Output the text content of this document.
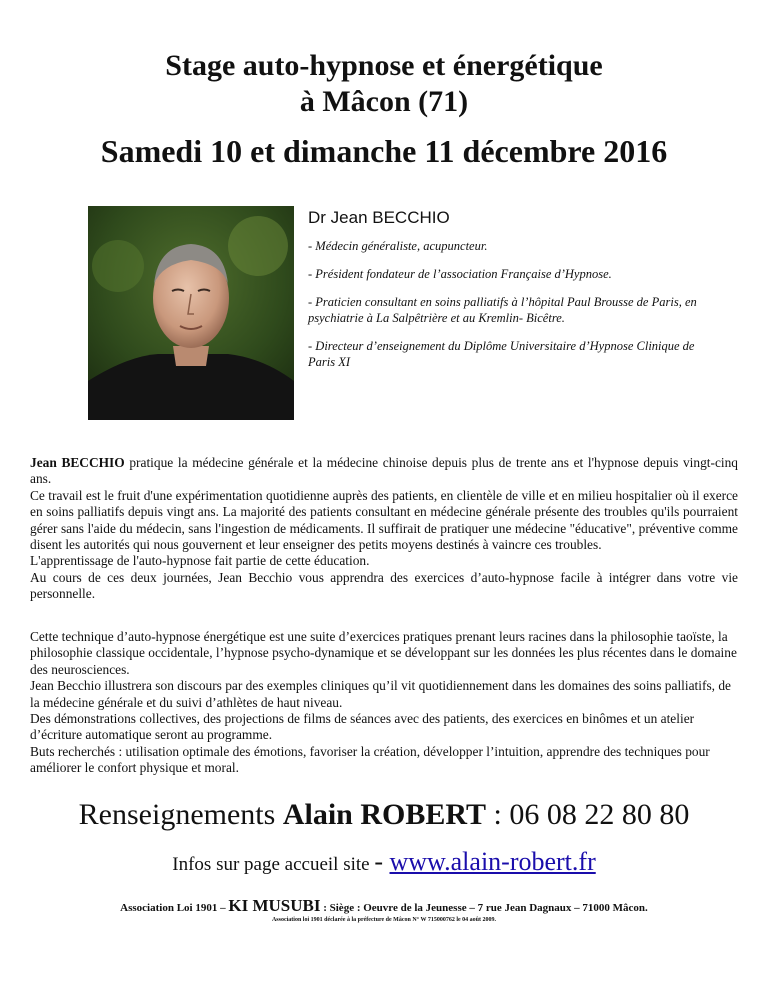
Stage auto-hypnose et énergétique
à Mâcon (71)
Samedi 10 et dimanche 11 décembre 2016

Dr Jean BECCHIO

- Médecin généraliste, acupuncteur.

- Président fondateur de l’association Française d’Hypnose.

- Praticien consultant en soins palliatifs à l’hôpital Paul Brousse de Paris, en psychiatrie à La Salpêtrière et au Kremlin- Bicêtre.

- Directeur d’enseignement du Diplôme Universitaire d’Hypnose Clinique de Paris XI

Jean BECCHIO pratique la médecine générale et la médecine chinoise depuis plus de trente ans et l'hypnose depuis vingt-cinq ans.

Ce travail est le fruit d'une expérimentation quotidienne auprès des patients, en clientèle de ville et en milieu hospitalier où il exerce en soins palliatifs depuis vingt ans. La majorité des patients consultant en médecine générale présente des troubles qu'ils pourraient gérer sans l'aide du médecin, sans l'ingestion de médicaments. Il suffirait de pratiquer une médecine "éducative", préventive comme disent les autorités qui nous gouvernent et leur enseigner des petits moyens destinés à vaincre ces troubles.

L'apprentissage de l'auto-hypnose fait partie de cette éducation.

Au cours de ces deux journées, Jean Becchio vous apprendra des exercices d’auto-hypnose facile à intégrer dans votre vie personnelle.

Cette technique d’auto-hypnose énergétique est une suite d’exercices pratiques prenant leurs racines dans la philosophie taoïste, la philosophie classique occidentale, l’hypnose psycho-dynamique et se développant sur les données les plus récentes dans le domaine des neurosciences.

Jean Becchio illustrera son discours par des exemples cliniques qu’il vit quotidiennement dans les domaines des soins palliatifs, de la médecine générale et du suivi d’athlètes de haut niveau.

Des démonstrations collectives, des projections de films de séances avec des patients, des exercices en binômes et un atelier d’écriture automatique seront au programme.

Buts recherchés : utilisation optimale des émotions, favoriser la création, développer l’intuition, apprendre des techniques pour améliorer le confort physique et moral.

Renseignements Alain ROBERT : 06 08 22 80 80

Infos sur page accueil site - www.alain-robert.fr

Association Loi 1901 – KI MUSUBI : Siège : Oeuvre de la Jeunesse – 7 rue Jean Dagnaux – 71000 Mâcon.

Association loi 1901 déclarée à la préfecture de Mâcon N° W 715000762 le 04 août 2009.
